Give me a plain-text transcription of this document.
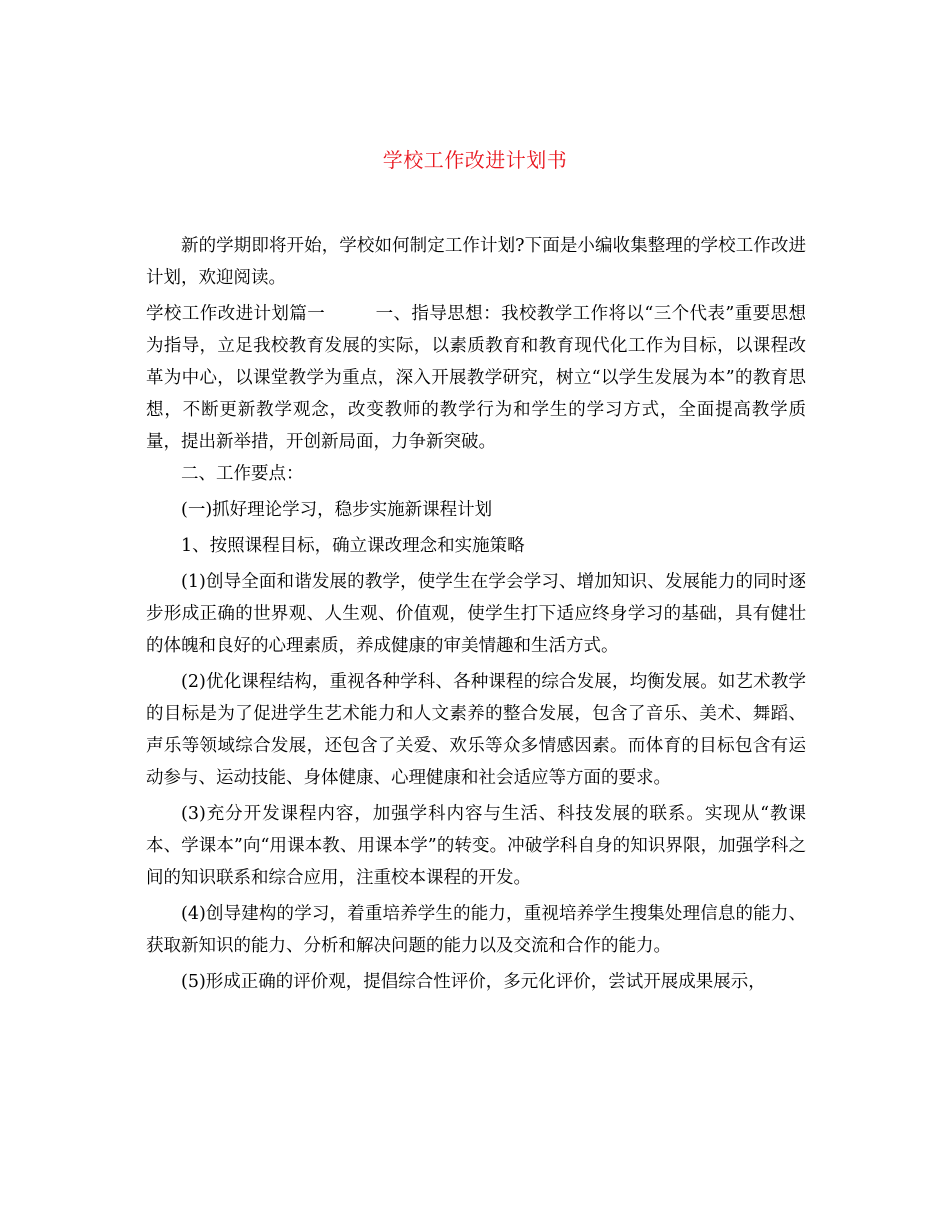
学校工作改进计划书

新的学期即将开始，学校如何制定工作计划?下面是小编收集整理的学校工作改进计划，欢迎阅读。

学校工作改进计划篇一	一、指导思想：我校教学工作将以“三个代表”重要思想为指导，立足我校教育发展的实际，以素质教育和教育现代化工作为目标，以课程改革为中心，以课堂教学为重点，深入开展教学研究，树立“以学生发展为本”的教育思想，不断更新教学观念，改变教师的教学行为和学生的学习方式，全面提高教学质量，提出新举措，开创新局面，力争新突破。

二、工作要点：

(一)抓好理论学习，稳步实施新课程计划

1、按照课程目标，确立课改理念和实施策略

(1)创导全面和谐发展的教学，使学生在学会学习、增加知识、发展能力的同时逐步形成正确的世界观、人生观、价值观，使学生打下适应终身学习的基础，具有健壮的体魄和良好的心理素质，养成健康的审美情趣和生活方式。

(2)优化课程结构，重视各种学科、各种课程的综合发展，均衡发展。如艺术教学的目标是为了促进学生艺术能力和人文素养的整合发展，包含了音乐、美术、舞蹈、声乐等领域综合发展，还包含了关爱、欢乐等众多情感因素。而体育的目标包含有运动参与、运动技能、身体健康、心理健康和社会适应等方面的要求。

(3)充分开发课程内容，加强学科内容与生活、科技发展的联系。实现从“教课本、学课本”向“用课本教、用课本学”的转变。冲破学科自身的知识界限，加强学科之间的知识联系和综合应用，注重校本课程的开发。

(4)创导建构的学习，着重培养学生的能力，重视培养学生搜集处理信息的能力、获取新知识的能力、分析和解决问题的能力以及交流和合作的能力。

(5)形成正确的评价观，提倡综合性评价，多元化评价，尝试开展成果展示，
